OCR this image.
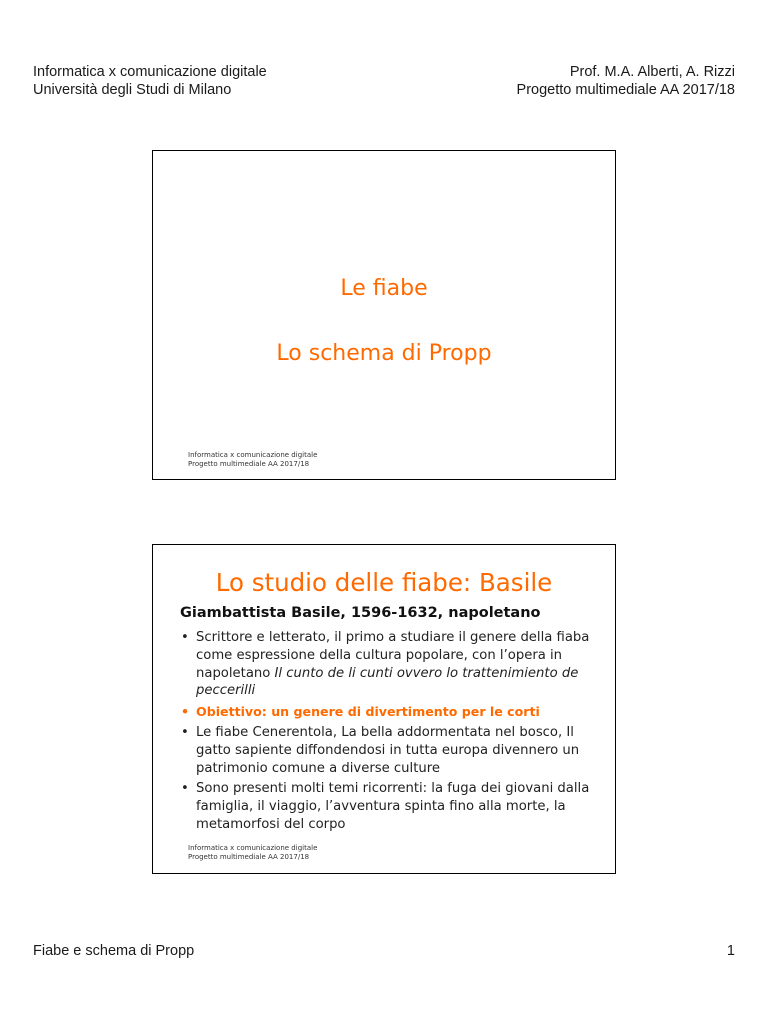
Informatica x comunicazione digitale
Università degli Studi di Milano
Prof. M.A. Alberti, A. Rizzi
Progetto multimediale AA 2017/18
Le fiabe
Lo schema di Propp
Informatica x comunicazione digitale
Progetto multimediale AA 2017/18
Lo studio delle fiabe: Basile
Giambattista Basile, 1596-1632, napoletano
• Scrittore e letterato, il primo a studiare il genere della fiaba come espressione della cultura popolare, con l’opera in napoletano Il cunto de li cunti ovvero lo trattenimiento de peccerilli
• Obiettivo: un genere di divertimento per le corti
• Le fiabe Cenerentola, La bella addormentata nel bosco, Il gatto sapiente diffondendosi in tutta europa divennero un patrimonio comune a diverse culture
• Sono presenti molti temi ricorrenti: la fuga dei giovani dalla famiglia, il viaggio, l’avventura spinta fino alla morte, la metamorfosi del corpo
Informatica x comunicazione digitale
Progetto multimediale AA 2017/18
Fiabe e schema di Propp	1
